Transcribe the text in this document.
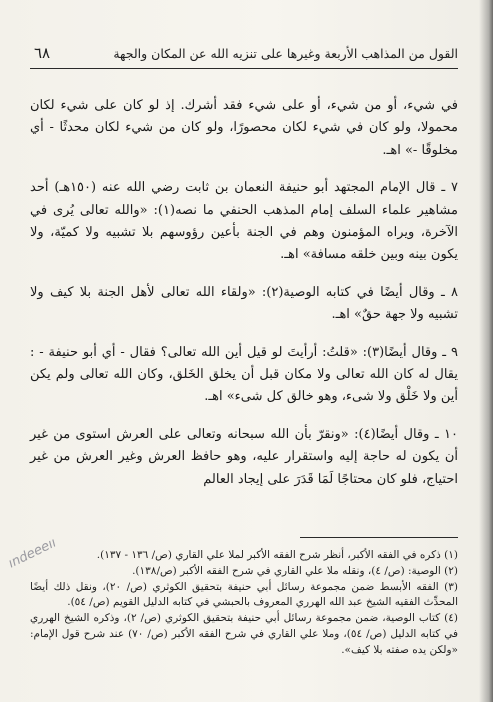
القول من المذاهب الأربعة وغيرها على تنزيه الله عن المكان والجهة
٦٨

في شيء، أو من شيء، أو على شيء فقد أشرك. إذ لو كان على شيء لكان محمولا، ولو كان في شيء لكان محصورًا، ولو كان من شيء لكان محدثًا - أي مخلوقًا -» اهـ.

٧ ـ قال الإمام المجتهد أبو حنيفة النعمان بن ثابت رضي الله عنه (١٥٠هـ) أحد مشاهير علماء السلف إمام المذهب الحنفي ما نصه(١): «والله تعالى يُرى في الآخرة، ويراه المؤمنون وهم في الجنة بأعين رؤوسهم بلا تشبيه ولا كميّة، ولا يكون بينه وبين خلقه مسافة» اهـ.

٨ ـ وقال أيضًا في كتابه الوصية(٢): «ولقاء الله تعالى لأهل الجنة بلا كيف ولا تشبيه ولا جهة حقٌ» اهـ.

٩ ـ وقال أيضًا(٣): «قلتُ: أرأيتَ لو قيل أين الله تعالى؟ فقال - أي أبو حنيفة - : يقال له كان الله تعالى ولا مكان قبل أن يخلق الخَلق، وكان الله تعالى ولم يكن أين ولا خَلْق ولا شىء، وهو خالق كل شىء» اهـ.

١٠ ـ وقال أيضًا(٤): «ونقرّ بأن الله سبحانه وتعالى على العرش استوى من غير أن يكون له حاجة إليه واستقرار عليه، وهو حافظ العرش وغير العرش من غير احتياج، فلو كان محتاجًا لَمَا قَدَرَ على إيجاد العالم

(١) ذكره في الفقه الأكبر، أنظر شرح الفقه الأكبر لملا علي القاري (ص/ ١٣٦ - ١٣٧).

(٢) الوصية: (ص/ ٤)، ونقله ملا علي القاري في شرح الفقه الأكبر (ص/١٣٨).

(٣) الفقه الأبسط ضمن مجموعة رسائل أبي حنيفة بتحقيق الكوثري (ص/ ٢٠)، ونقل ذلك أيضًا المحدِّث الفقيه الشيخ عبد الله الهرري المعروف بالحبشي في كتابه الدليل القويم (ص/ ٥٤).

(٤) كتاب الوصية، ضمن مجموعة رسائل أبي حنيفة بتحقيق الكوثري (ص/ ٢)، وذكره الشيخ الهرري في كتابه الدليل (ص/ ٥٤)، وملا علي القاري في شرح الفقه الأكبر (ص/ ٧٠) عند شرح قول الإمام: «ولكن يده صفته بلا كيف».

ındeeeıı
